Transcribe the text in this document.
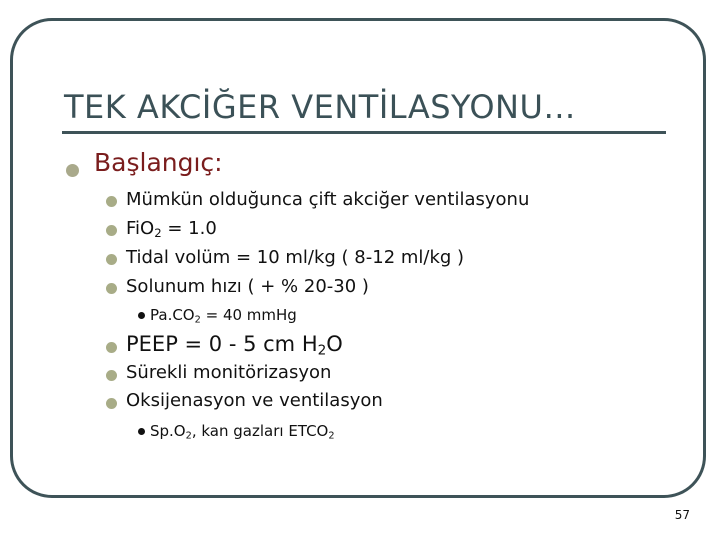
TEK AKCİĞER VENTİLASYONU…
Başlangıç:
Mümkün olduğunca çift akciğer ventilasyonu
FiO$_2$ = 1.0
Tidal volüm = 10 ml/kg ( 8-12 ml/kg )
Solunum hızı ( + % 20-30 )
$Pa.CO_2 = 40$ mmHg
PEEP = 0 - 5 cm $H_2O$
Sürekli monitörizasyon
Oksijenasyon ve ventilasyon
$Sp.O_2$, kan gazları $ETCO_2$
57
